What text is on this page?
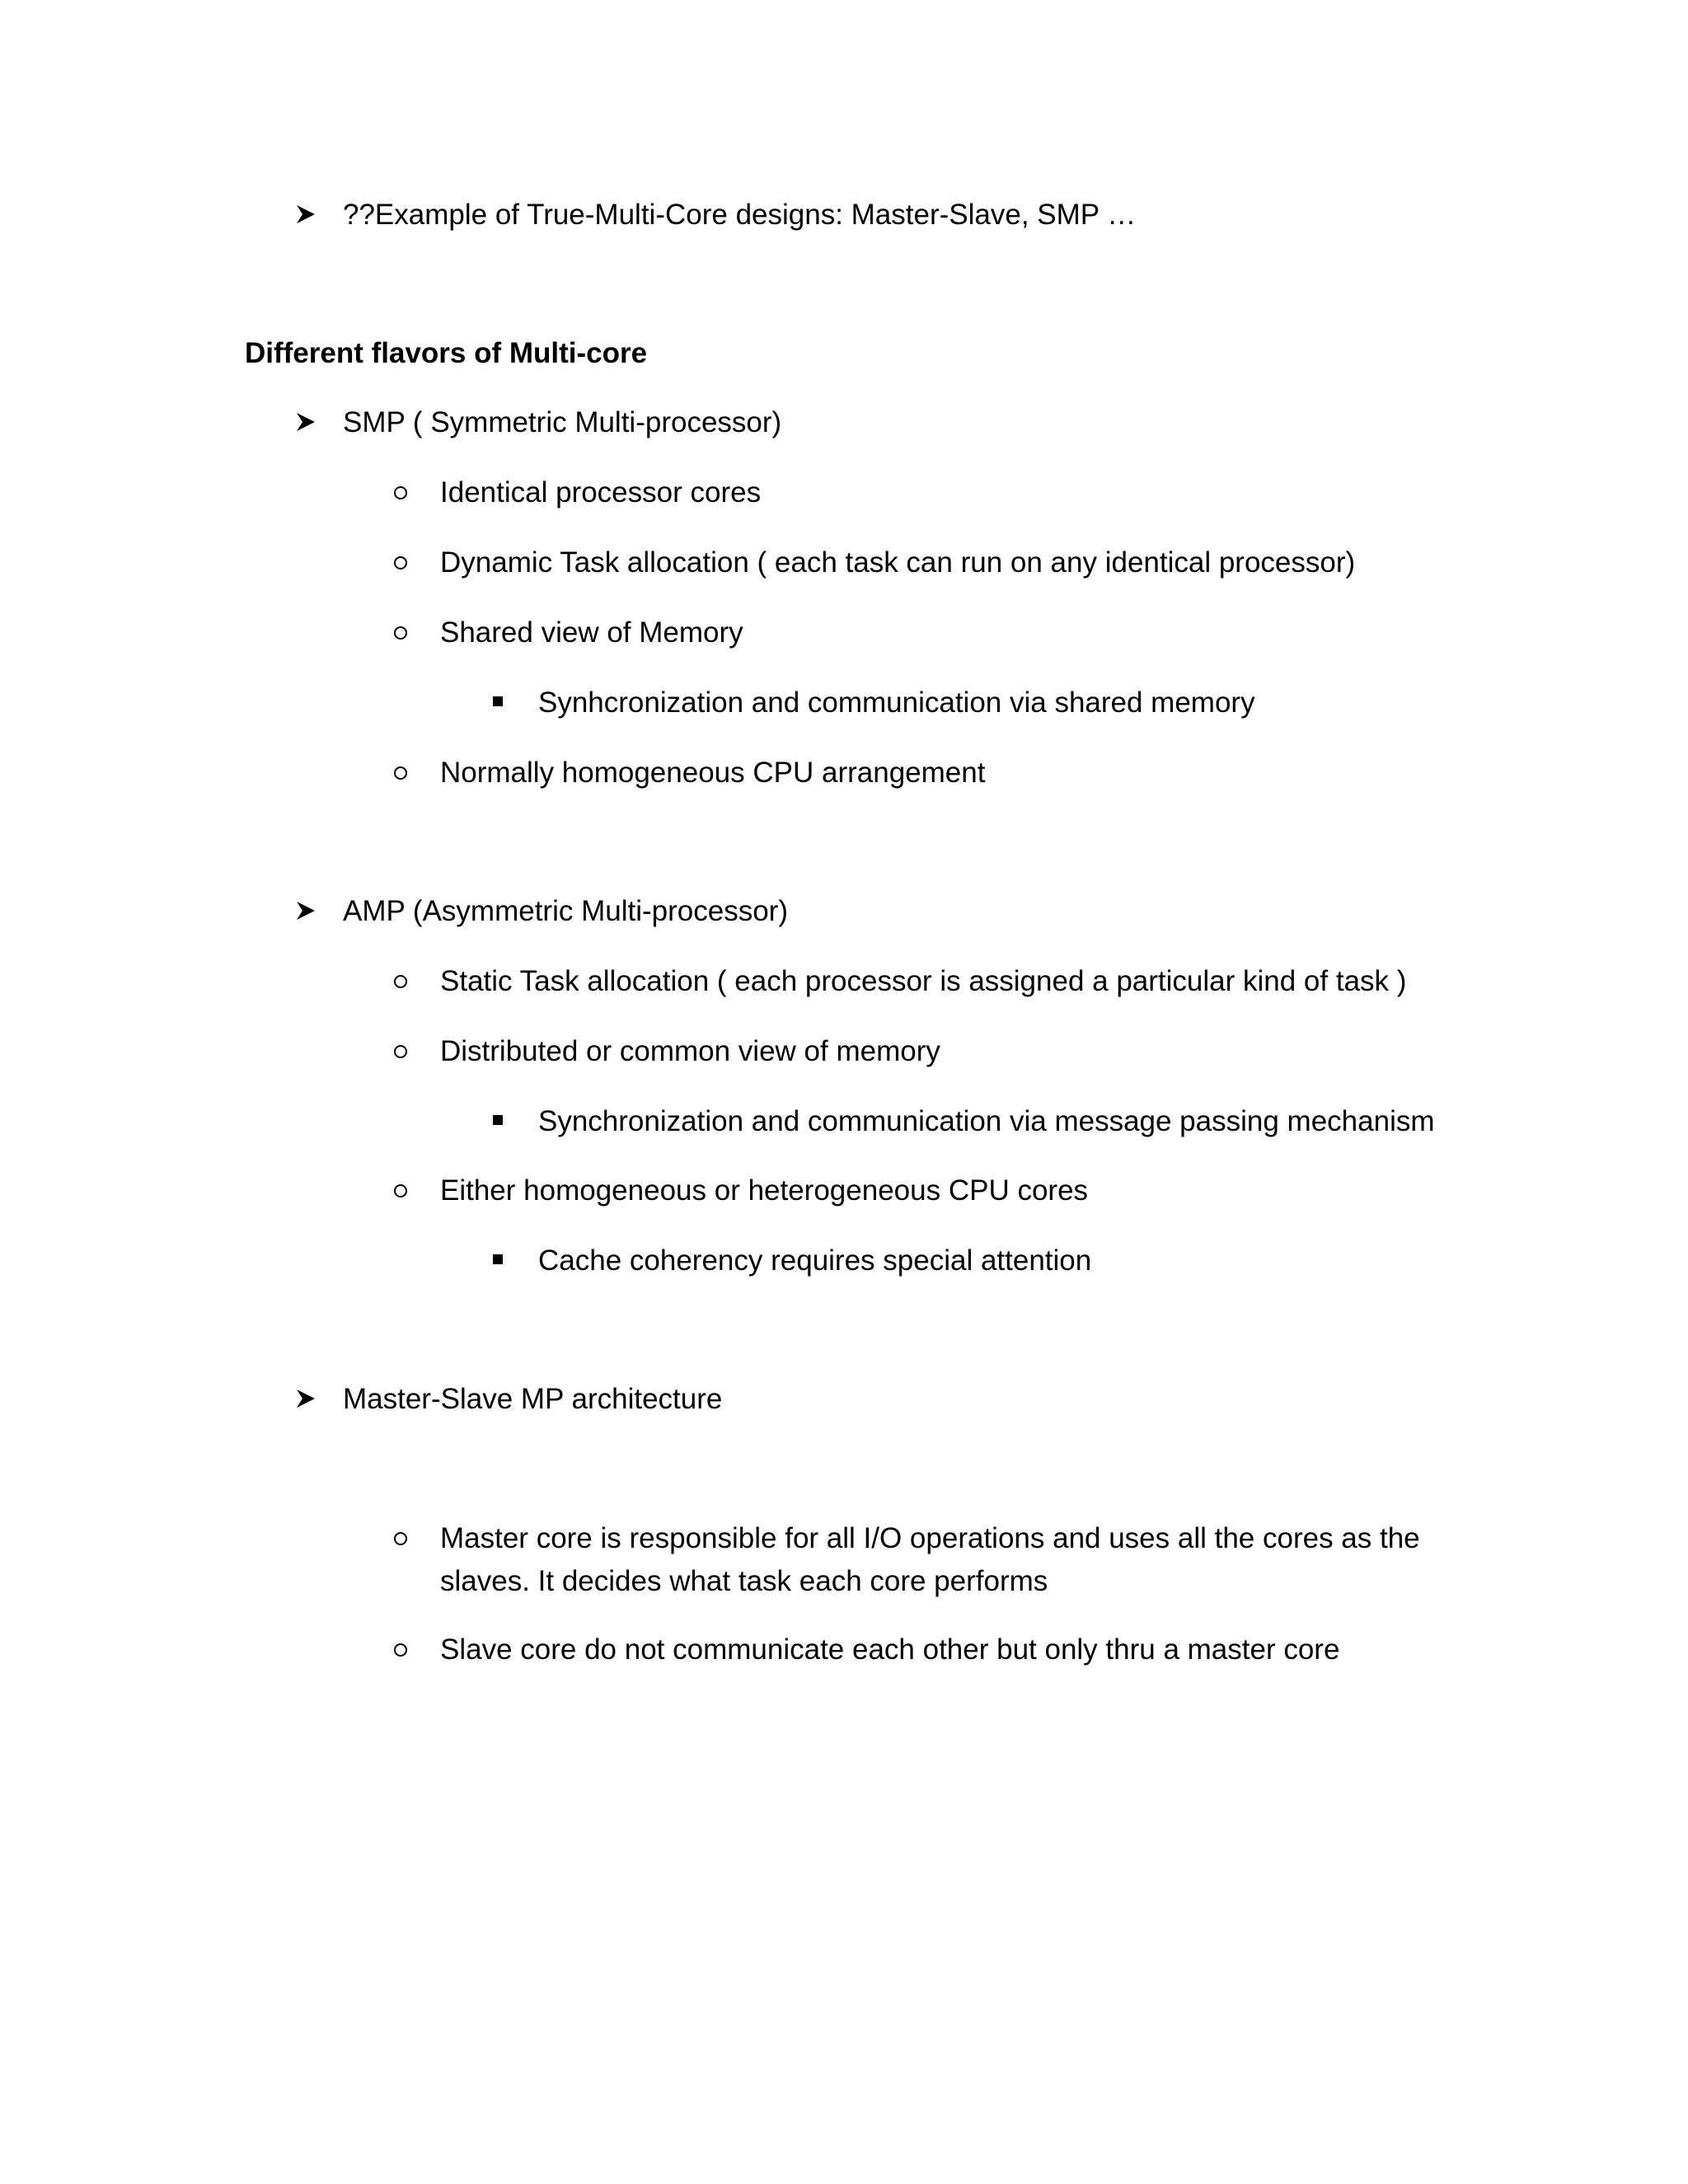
??Example of True-Multi-Core designs: Master-Slave, SMP …
Different flavors of Multi-core
SMP ( Symmetric Multi-processor)
Identical processor cores
Dynamic Task allocation ( each task can run on any identical processor)
Shared view of Memory
Synhcronization and communication via shared memory
Normally homogeneous CPU arrangement
AMP (Asymmetric Multi-processor)
Static Task allocation ( each processor is assigned a particular kind of task )
Distributed or common view of memory
Synchronization and communication via message passing mechanism
Either homogeneous or heterogeneous CPU cores
Cache coherency requires special attention
Master-Slave MP architecture
Master core is responsible for all I/O operations and uses all the cores as the
slaves. It decides what task each core performs
Slave core do not communicate each other but only thru a master core
